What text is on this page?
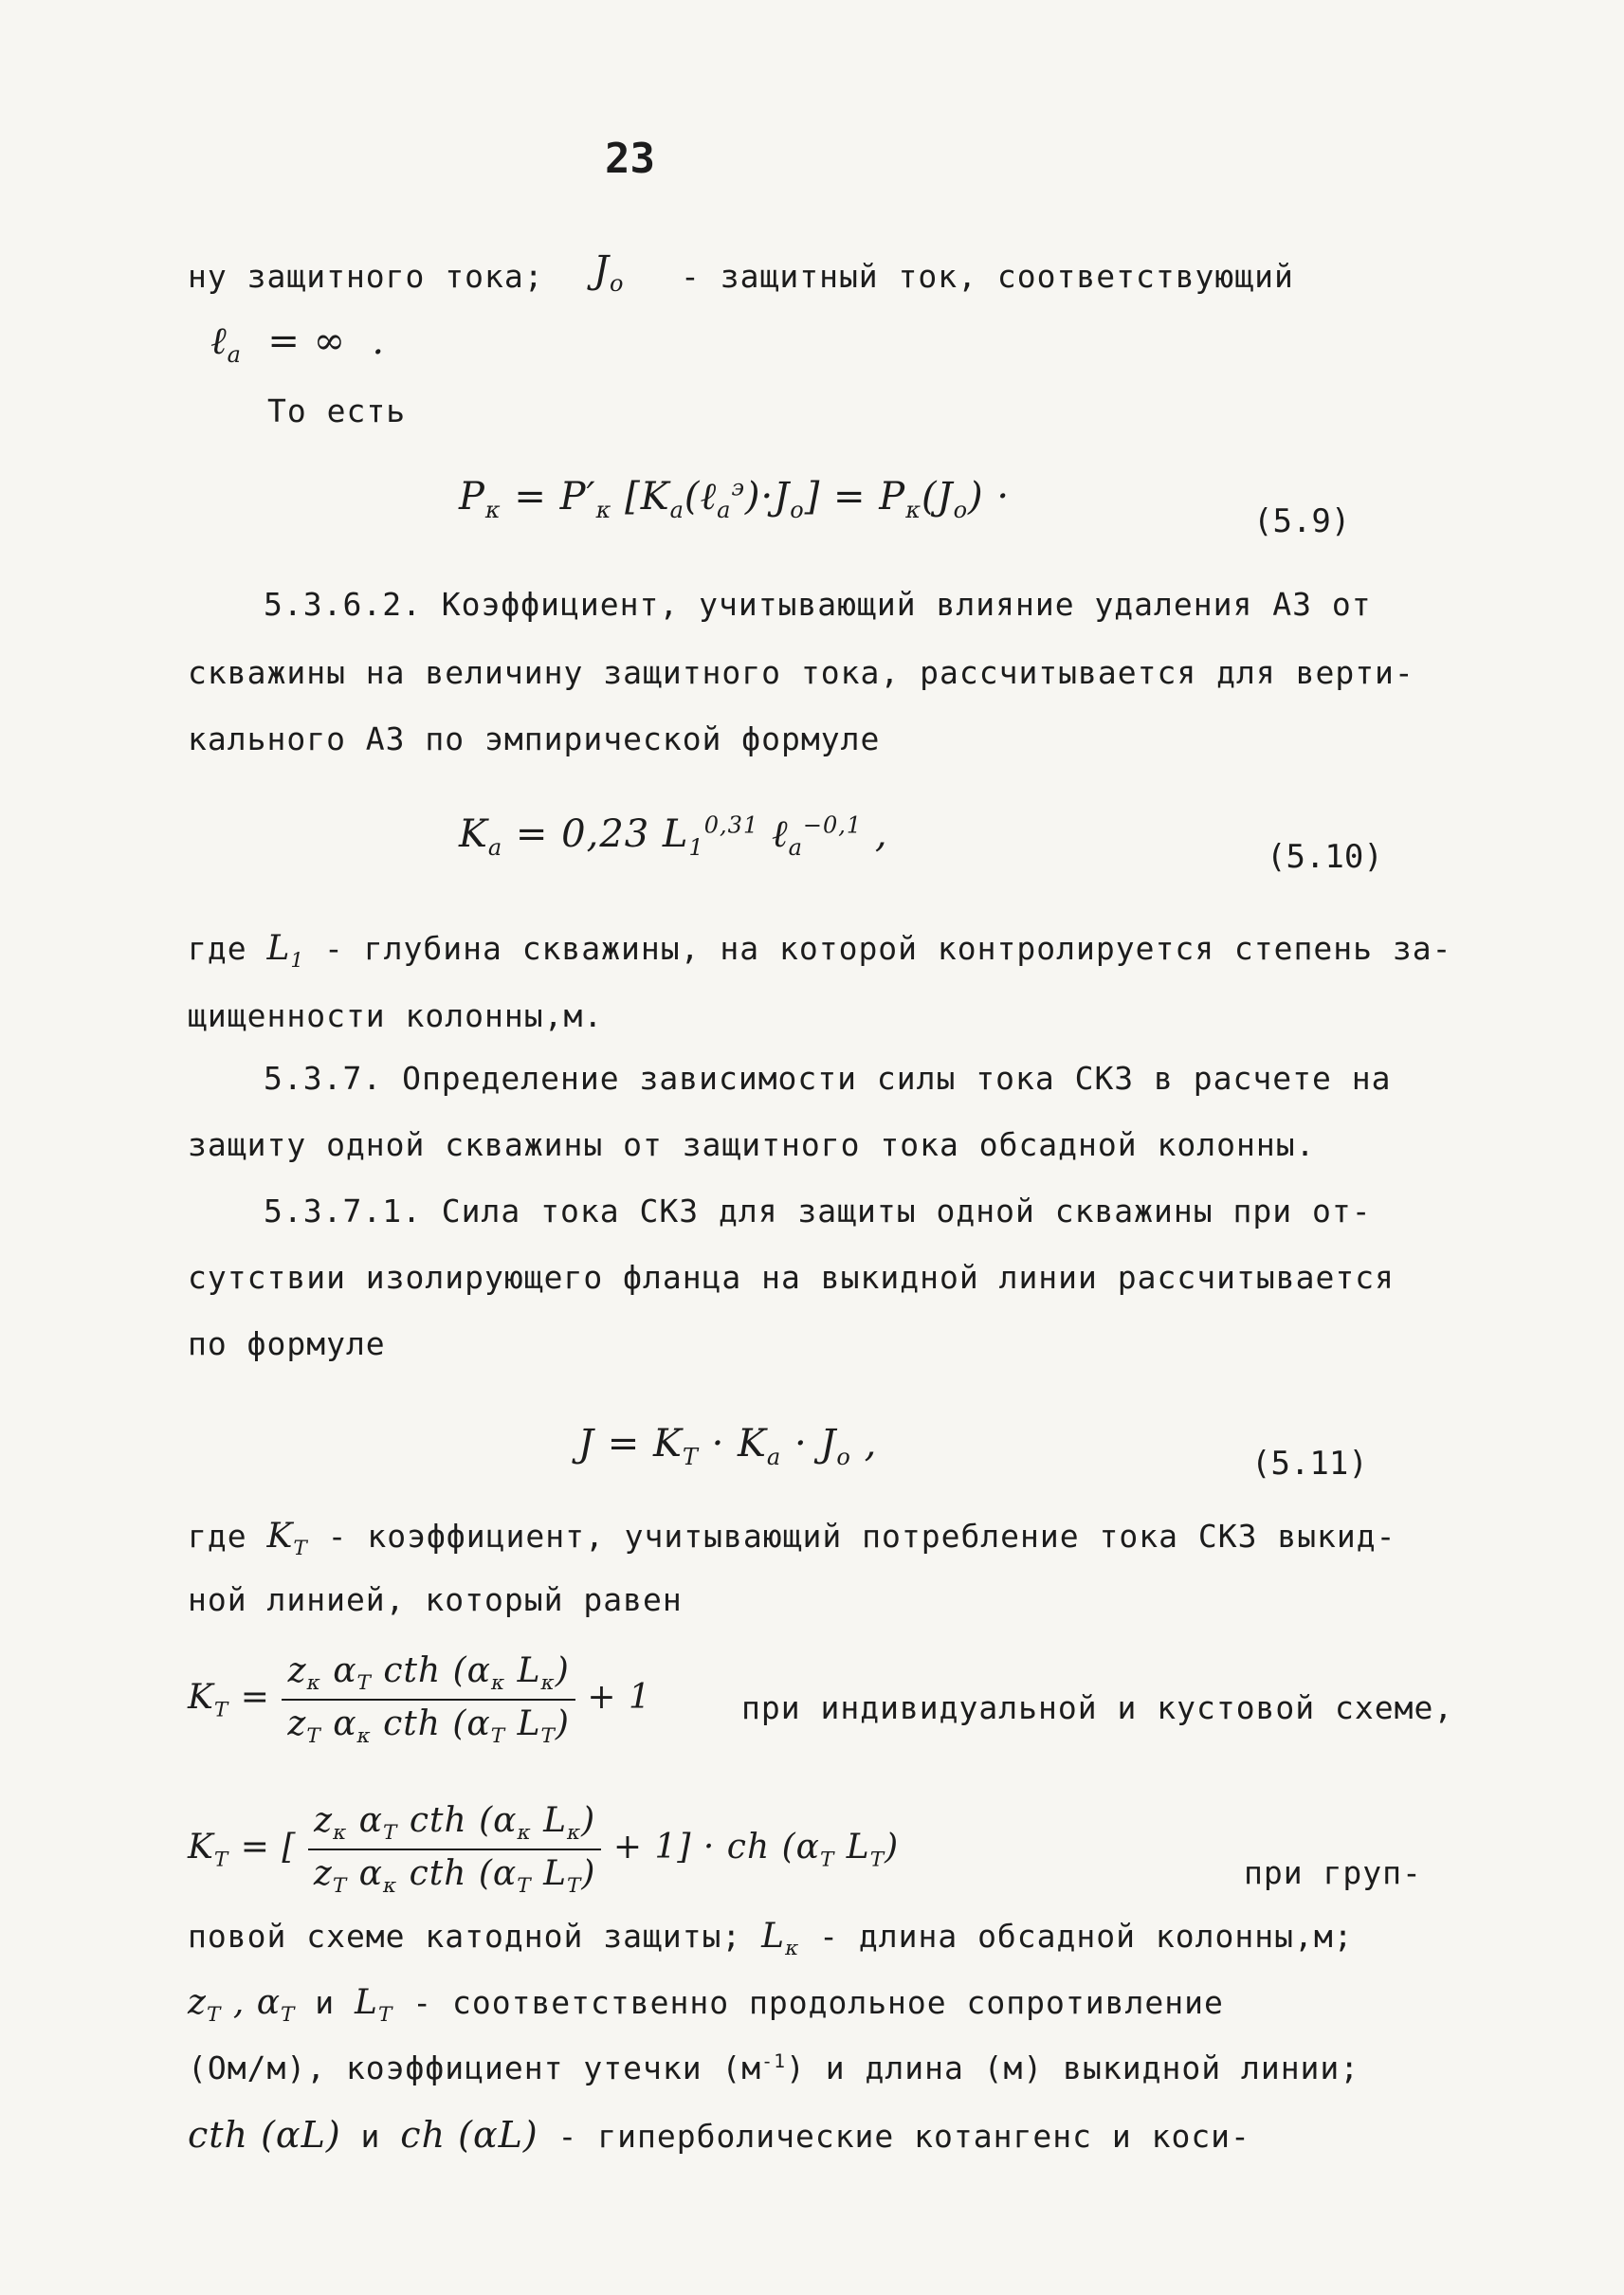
23
ну защитного тока; $J_o$ - защитный ток, соответствующий
ℓ$_a$  = ∞  .
То есть
$P_\kappa = P'_\kappa$ $[K_a(\ell_a^э)\cdot J_o] = P_\kappa(J_o)$ ·
(5.9)
5.3.6.2. Коэффициент, учитывающий влияние удаления АЗ от
скважины на величину защитного тока, рассчитывается для верти-
кального АЗ по эмпирической формуле
$K_a = 0,23$ $L_1^{0,31}$ ℓ$_a^{-0,1}$ ,
(5.10)
где $L_1$ - глубина скважины, на которой контролируется степень за-
щищенности колонны,м.
5.3.7. Определение зависимости силы тока СКЗ в расчете на
защиту одной скважины от защитного тока обсадной колонны.
5.3.7.1. Сила тока СКЗ для защиты одной скважины при от-
сутствии изолирующего фланца на выкидной линии рассчитывается
по формуле
$J = K_T \cdot K_a \cdot J_o$ ,	(5.11)
где $K_T$ - коэффициент, учитывающий потребление тока СКЗ выкид-
ной линией, который равен
$K_T = \frac{z_\kappa \alpha_T cth (\alpha_\kappa L_\kappa)}{z_T \alpha_\kappa cth (\alpha_T L_T)} + 1$	при индивидуальной и кустовой схеме,
$K_T$ = [ $\frac{z_\kappa \alpha_T cth (\alpha_\kappa L_\kappa)}{z_T \alpha_\kappa cth (\alpha_T L_T)} + 1$] · ch ($\alpha_T$ $L_T$)
при груп-
повой схеме катодной защиты; $L_\kappa$ - длина обсадной колонны,м;
$z_T$ , $\alpha_T$ и $L_T$ - соответственно продольное сопротивление
(Ом/м), коэффициент утечки $(м^{-1})$ и длина (м) выкидной линии;
cth (αL) и ch (αL) - гиперболические котангенс и коси-
